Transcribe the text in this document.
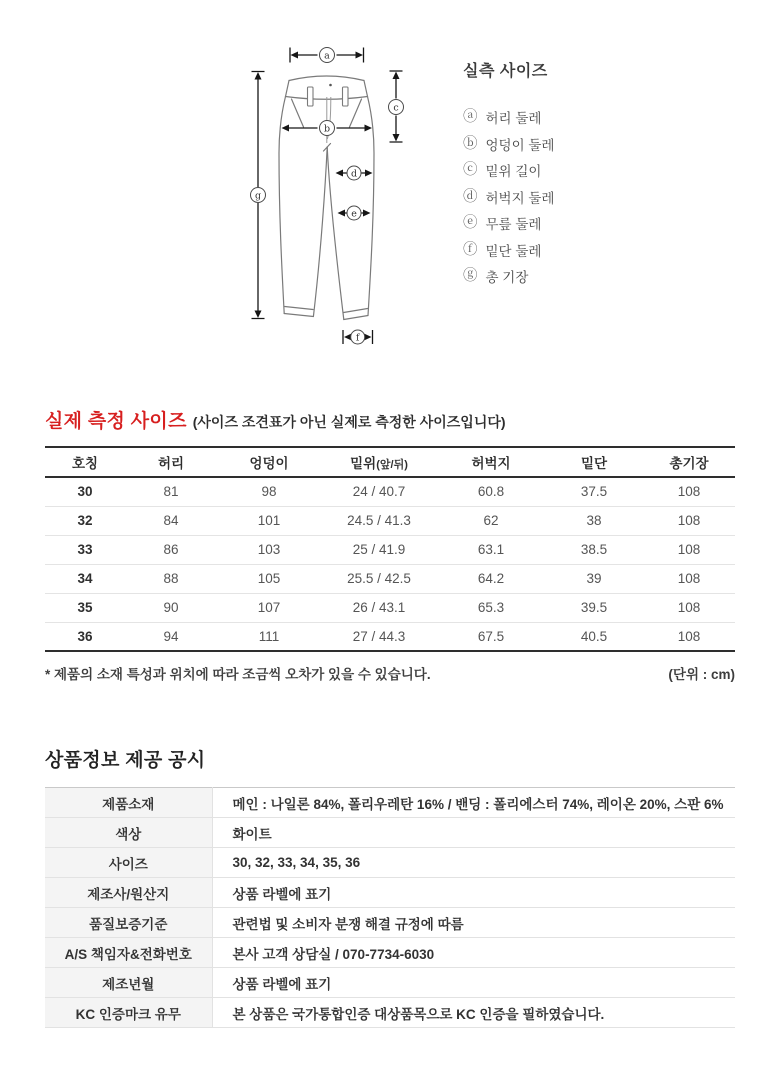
a
b
c
d
e
f
g
실측 사이즈
ⓐ 허리 둘레
ⓑ 엉덩이 둘레
ⓒ 밑위 길이
ⓓ 허벅지 둘레
ⓔ 무릎 둘레
ⓕ 밑단 둘레
ⓖ 총 기장
실제 측정 사이즈 (사이즈 조견표가 아닌 실제로 측정한 사이즈입니다)
호칭	허리	엉덩이	밑위(앞/뒤)	허벅지	밑단	총기장
30	81	98	24 / 40.7	60.8	37.5	108
32	84	101	24.5 / 41.3	62	38	108
33	86	103	25 / 41.9	63.1	38.5	108
34	88	105	25.5 / 42.5	64.2	39	108
35	90	107	26 / 43.1	65.3	39.5	108
36	94	111	27 / 44.3	67.5	40.5	108
* 제품의 소재 특성과 위치에 따라 조금씩 오차가 있을 수 있습니다.	(단위 : cm)
상품정보 제공 공시
제품소재	메인 : 나일론 84%, 폴리우레탄 16% / 밴딩 : 폴리에스터 74%, 레이온 20%, 스판 6%
색상	화이트
사이즈	30, 32, 33, 34, 35, 36
제조사/원산지	상품 라벨에 표기
품질보증기준	관련법 및 소비자 분쟁 해결 규정에 따름
A/S 책임자&전화번호	본사 고객 상담실 / 070-7734-6030
제조년월	상품 라벨에 표기
KC 인증마크 유무	본 상품은 국가통합인증 대상품목으로 KC 인증을 필하였습니다.
